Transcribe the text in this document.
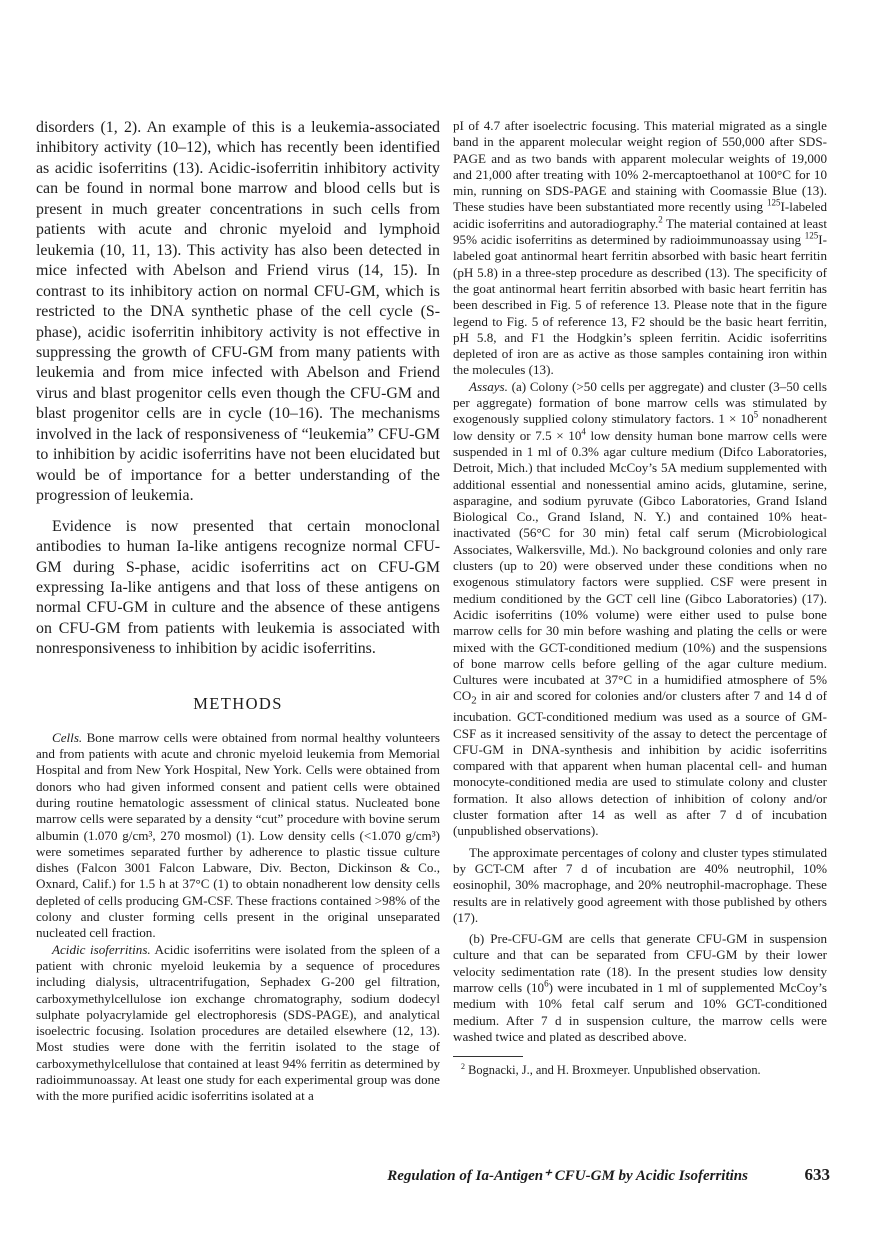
disorders (1, 2). An example of this is a leukemia-associated inhibitory activity (10–12), which has recently been identified as acidic isoferritins (13). Acidic-isoferritin inhibitory activity can be found in normal bone marrow and blood cells but is present in much greater concentrations in such cells from patients with acute and chronic myeloid and lymphoid leukemia (10, 11, 13). This activity has also been detected in mice infected with Abelson and Friend virus (14, 15). In contrast to its inhibitory action on normal CFU-GM, which is restricted to the DNA synthetic phase of the cell cycle (S-phase), acidic isoferritin inhibitory activity is not effective in suppressing the growth of CFU-GM from many patients with leukemia and from mice infected with Abelson and Friend virus and blast progenitor cells even though the CFU-GM and blast progenitor cells are in cycle (10–16). The mechanisms involved in the lack of responsiveness of “leukemia” CFU-GM to inhibition by acidic isoferritins have not been elucidated but would be of importance for a better understanding of the progression of leukemia.

Evidence is now presented that certain monoclonal antibodies to human Ia-like antigens recognize normal CFU-GM during S-phase, acidic isoferritins act on CFU-GM expressing Ia-like antigens and that loss of these antigens on normal CFU-GM in culture and the absence of these antigens on CFU-GM from patients with leukemia is associated with nonresponsiveness to inhibition by acidic isoferritins.

METHODS

Cells. Bone marrow cells were obtained from normal healthy volunteers and from patients with acute and chronic myeloid leukemia from Memorial Hospital and from New York Hospital, New York. Cells were obtained from donors who had given informed consent and patient cells were obtained during routine hematologic assessment of clinical status. Nucleated bone marrow cells were separated by a density “cut” procedure with bovine serum albumin (1.070 g/cm³, 270 mosmol) (1). Low density cells (<1.070 g/cm³) were sometimes separated further by adherence to plastic tissue culture dishes (Falcon 3001 Falcon Labware, Div. Becton, Dickinson & Co., Oxnard, Calif.) for 1.5 h at 37°C (1) to obtain nonadherent low density cells depleted of cells producing GM-CSF. These fractions contained >98% of the colony and cluster forming cells present in the original unseparated nucleated cell fraction.

Acidic isoferritins. Acidic isoferritins were isolated from the spleen of a patient with chronic myeloid leukemia by a sequence of procedures including dialysis, ultracentrifugation, Sephadex G-200 gel filtration, carboxymethylcellulose ion exchange chromatography, sodium dodecyl sulphate polyacrylamide gel electrophoresis (SDS-PAGE), and analytical isoelectric focusing. Isolation procedures are detailed elsewhere (12, 13). Most studies were done with the ferritin isolated to the stage of carboxymethylcellulose that contained at least 94% ferritin as determined by radioimmunoassay. At least one study for each experimental group was done with the more purified acidic isoferritins isolated at a

pI of 4.7 after isoelectric focusing. This material migrated as a single band in the apparent molecular weight region of 550,000 after SDS-PAGE and as two bands with apparent molecular weights of 19,000 and 21,000 after treating with 10% 2-mercaptoethanol at 100°C for 10 min, running on SDS-PAGE and staining with Coomassie Blue (13). These studies have been substantiated more recently using $^{125}$I-labeled acidic isoferritins and autoradiography.$^2$ The material contained at least 95% acidic isoferritins as determined by radioimmunoassay using $^{125}$I-labeled goat antinormal heart ferritin absorbed with basic heart ferritin (pH 5.8) in a three-step procedure as described (13). The specificity of the goat antinormal heart ferritin absorbed with basic heart ferritin has been described in Fig. 5 of reference 13. Please note that in the figure legend to Fig. 5 of reference 13, F2 should be the basic heart ferritin, pH 5.8, and F1 the Hodgkin’s spleen ferritin. Acidic isoferritins depleted of iron are as active as those samples containing iron within the molecules (13).

Assays. (a) Colony (>50 cells per aggregate) and cluster (3–50 cells per aggregate) formation of bone marrow cells was stimulated by exogenously supplied colony stimulatory factors. $1 \times 10^5$ nonadherent low density or $7.5 \times 10^4$ low density human bone marrow cells were suspended in 1 ml of 0.3% agar culture medium (Difco Laboratories, Detroit, Mich.) that included McCoy’s 5A medium supplemented with additional essential and nonessential amino acids, glutamine, serine, asparagine, and sodium pyruvate (Gibco Laboratories, Grand Island Biological Co., Grand Island, N. Y.) and contained 10% heat-inactivated (56°C for 30 min) fetal calf serum (Microbiological Associates, Walkersville, Md.). No background colonies and only rare clusters (up to 20) were observed under these conditions when no exogenous stimulatory factors were supplied. CSF were present in medium conditioned by the GCT cell line (Gibco Laboratories) (17). Acidic isoferritins (10% volume) were either used to pulse bone marrow cells for 30 min before washing and plating the cells or were mixed with the GCT-conditioned medium (10%) and the suspensions of bone marrow cells before gelling of the agar culture medium. Cultures were incubated at 37°C in a humidified atmosphere of 5% $CO_2$ in air and scored for colonies and/or clusters after 7 and 14 d of incubation. GCT-conditioned medium was used as a source of GM-CSF as it increased sensitivity of the assay to detect the percentage of CFU-GM in DNA-synthesis and inhibition by acidic isoferritins compared with that apparent when human placental cell- and human monocyte-conditioned media are used to stimulate colony and cluster formation. It also allows detection of inhibition of colony and/or cluster formation after 14 as well as after 7 d of incubation (unpublished observations).

The approximate percentages of colony and cluster types stimulated by GCT-CM after 7 d of incubation are 40% neutrophil, 10% eosinophil, 30% macrophage, and 20% neutrophil-macrophage. These results are in relatively good agreement with those published by others (17).

(b) Pre-CFU-GM are cells that generate CFU-GM in suspension culture and that can be separated from CFU-GM by their lower velocity sedimentation rate (18). In the present studies low density marrow cells $(10^6)$ were incubated in 1 ml of supplemented McCoy’s medium with 10% fetal calf serum and 10% GCT-conditioned medium. After 7 d in suspension culture, the marrow cells were washed twice and plated as described above.

$^2$ Bognacki, J., and H. Broxmeyer. Unpublished observation.

Regulation of Ia-Antigen⁺ CFU-GM by Acidic Isoferritins	633
